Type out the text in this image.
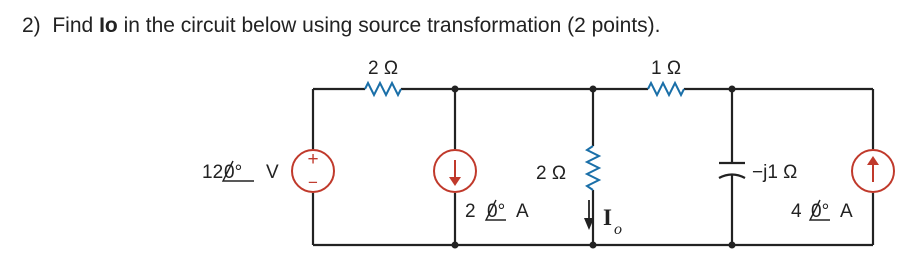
2) Find Io in the circuit below using source transformation (2 points).
2 Ω	1 Ω
+
−
12 0° V
2 0° A
2 Ω
I o
−j1 Ω
4 0° A
